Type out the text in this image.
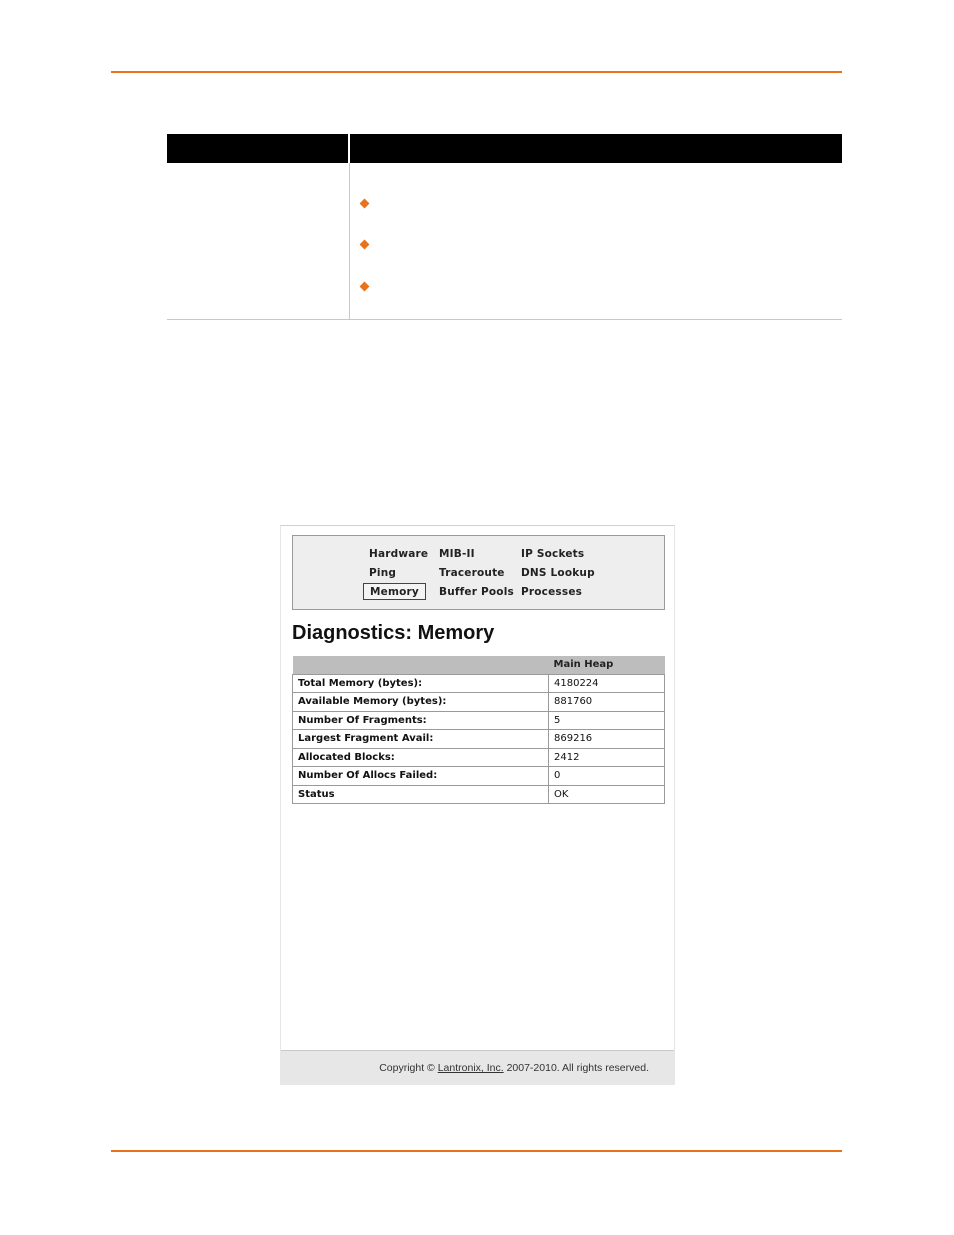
Hardware MIB-II	IP Sockets
Ping	Traceroute DNS Lookup
Memory	Buffer Pools Processes
Diagnostics: Memory
	Main Heap
Total Memory (bytes):	4180224
Available Memory (bytes):	881760
Number Of Fragments:	5
Largest Fragment Avail:	869216
Allocated Blocks:	2412
Number Of Allocs Failed:	0
Status	OK
Copyright © Lantronix, Inc. 2007-2010. All rights reserved.
